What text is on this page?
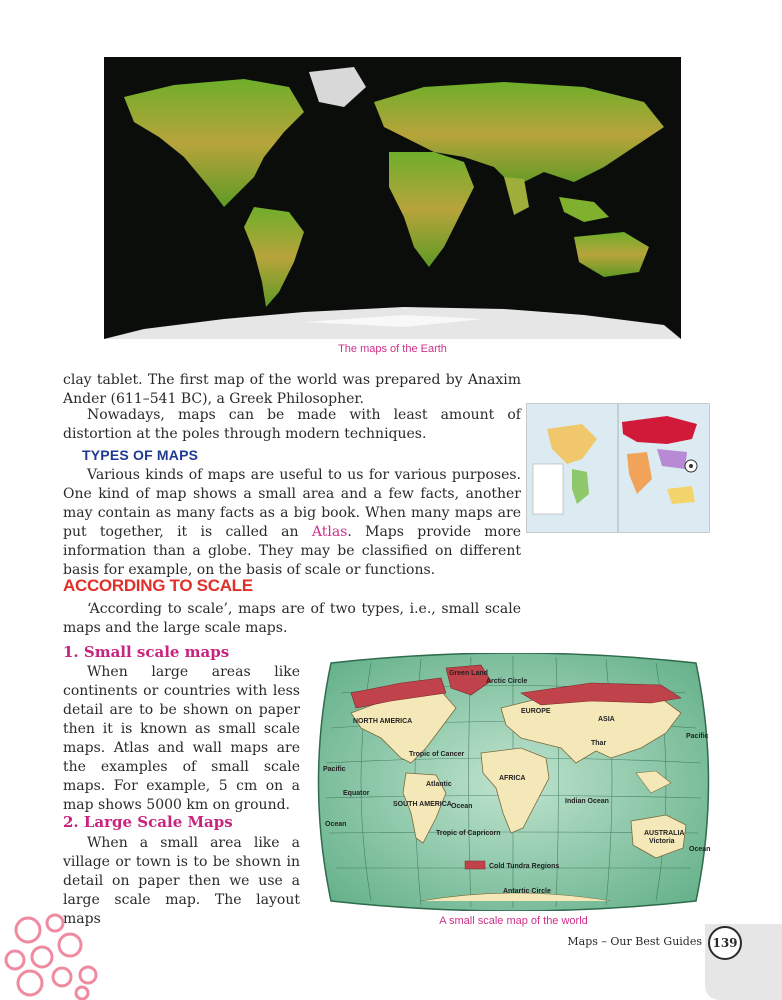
The maps of the Earth
clay tablet. The first map of the world was prepared by Anaxim Ander (611–541 BC), a Greek Philosopher.
Nowadays, maps can be made with least amount of distortion at the poles through modern techniques.
TYPES OF MAPS
Various kinds of maps are useful to us for various purposes. One kind of map shows a small area and a few facts, another may contain as many facts as a big book. When many maps are put together, it is called an Atlas. Maps provide more information than a globe. They may be classified on different basis for example, on the basis of scale or functions.
ACCORDING TO SCALE
‘According to scale’, maps are of two types, i.e., small scale maps and the large scale maps.
1. Small scale maps
When large areas like continents or countries with less detail are to be shown on paper then it is known as small scale maps. Atlas and wall maps are the examples of small scale maps. For example, 5 cm on a map shows 5000 km on ground.
2. Large Scale Maps
When a small area like a village or town is to be shown in detail on paper then we use a large scale map. The layout maps
Green Land
Arctic Circle
NORTH AMERICA
EUROPE
ASIA
Thar
Pacific
Tropic of Cancer
Pacific
Atlantic
AFRICA
Equator
SOUTH AMERICA Ocean
Indian Ocean
Ocean
Tropic of Capricorn	AUSTRALIA
Victoria
Ocean
Cold Tundra Regions
Antartic Circle
A small scale map of the world
Maps – Our Best Guides 139
